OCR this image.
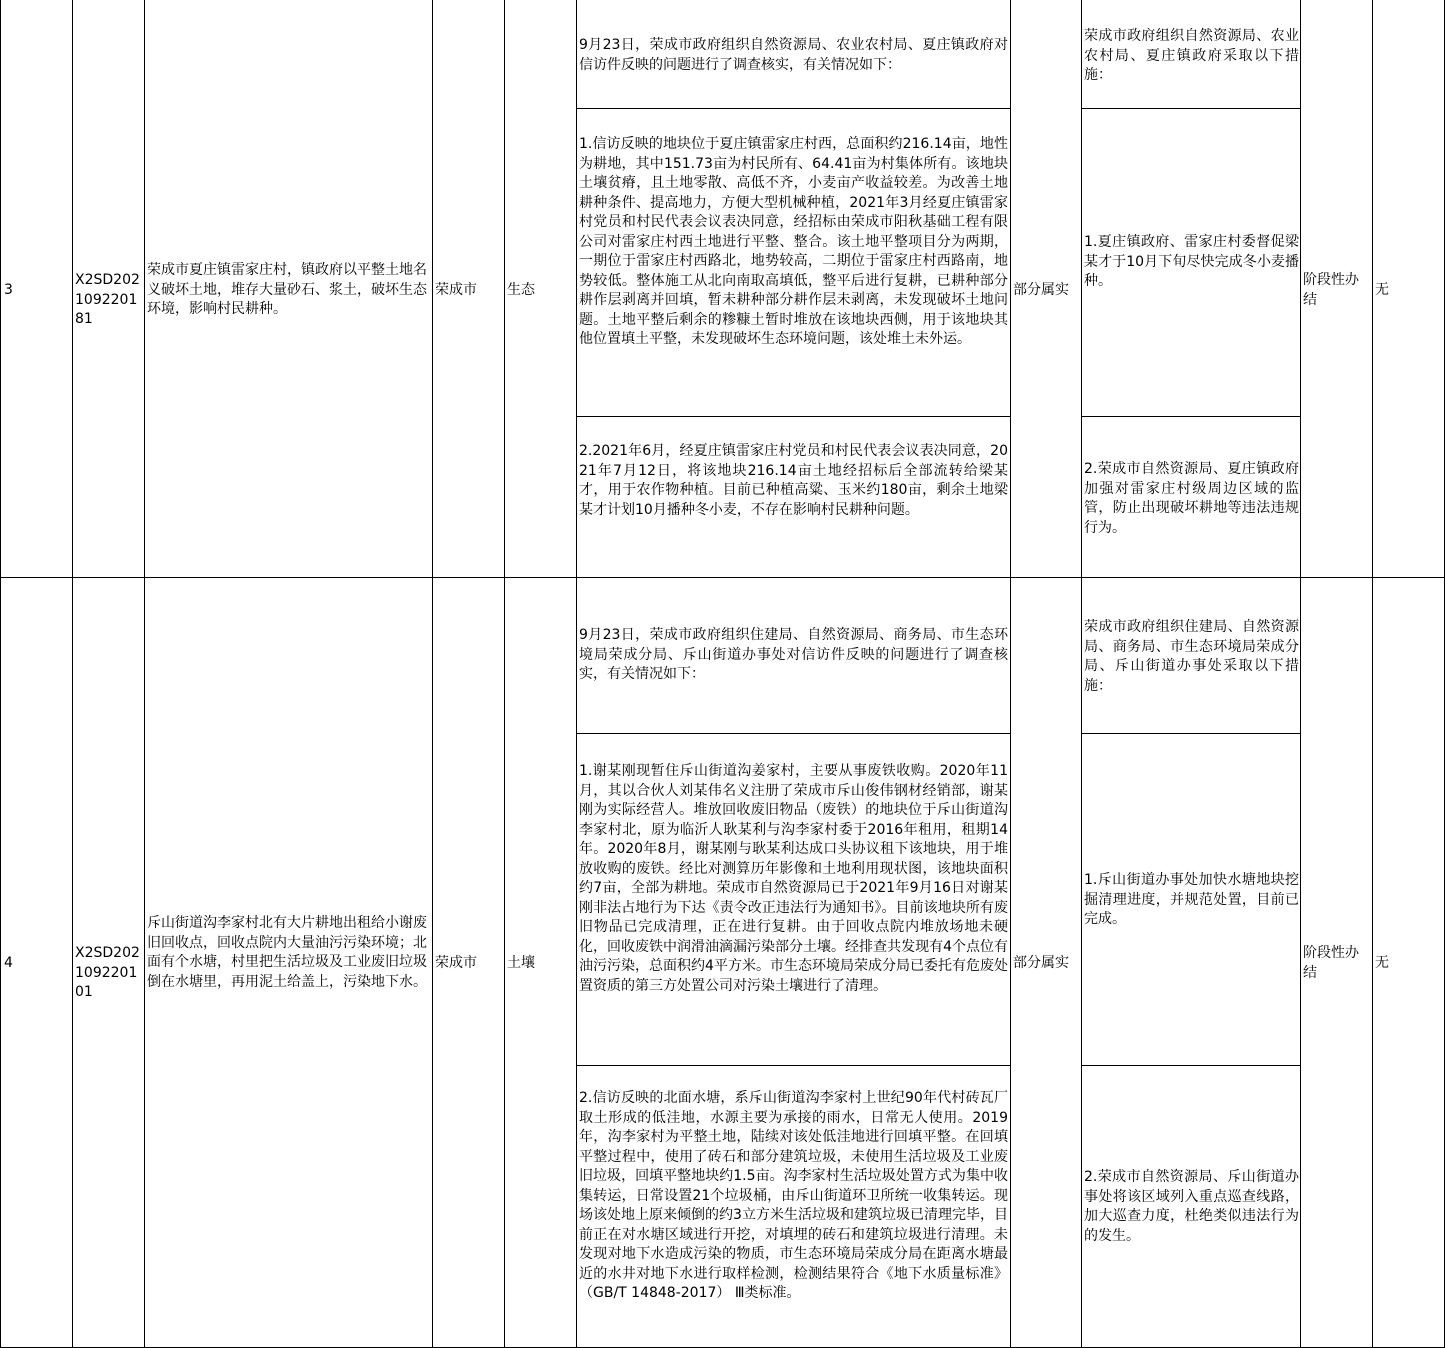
3
X2SD202109220181
荣成市夏庄镇雷家庄村，镇政府以平整土地名义破坏土地，堆存大量砂石、浆土，破坏生态环境，影响村民耕种。
荣成市	生态
9月23日，荣成市政府组织自然资源局、农业农村局、夏庄镇政府对信访件反映的问题进行了调查核实，有关情况如下：
1.信访反映的地块位于夏庄镇雷家庄村西，总面积约216.14亩，地性为耕地，其中151.73亩为村民所有、64.41亩为村集体所有。该地块土壤贫瘠，且土地零散、高低不齐，小麦亩产收益较差。为改善土地耕种条件、提高地力，方便大型机械种植，2021年3月经夏庄镇雷家村党员和村民代表会议表决同意，经招标由荣成市阳秋基础工程有限公司对雷家庄村西土地进行平整、整合。该土地平整项目分为两期，一期位于雷家庄村西路北，地势较高，二期位于雷家庄村西路南，地势较低。整体施工从北向南取高填低，整平后进行复耕，已耕种部分耕作层剥离并回填，暂未耕种部分耕作层未剥离，未发现破坏土地问题。土地平整后剩余的糁糠土暂时堆放在该地块西侧，用于该地块其他位置填土平整，未发现破坏生态环境问题，该处堆土未外运。
2.2021年6月，经夏庄镇雷家庄村党员和村民代表会议表决同意，2021年7月12日，将该地块216.14亩土地经招标后全部流转给梁某才，用于农作物种植。目前已种植高粱、玉米约180亩，剩余土地梁某才计划10月播种冬小麦，不存在影响村民耕种问题。
部分属实
荣成市政府组织自然资源局、农业农村局、夏庄镇政府采取以下措施：
1.夏庄镇政府、雷家庄村委督促梁某才于10月下旬尽快完成冬小麦播种。
2.荣成市自然资源局、夏庄镇政府加强对雷家庄村级周边区域的监管，防止出现破坏耕地等违法违规行为。
阶段性办结
无
4
X2SD202109220101
斥山街道沟李家村北有大片耕地出租给小谢废旧回收点，回收点院内大量油污污染环境；北面有个水塘，村里把生活垃圾及工业废旧垃圾倒在水塘里，再用泥土给盖上，污染地下水。
荣成市	土壤
9月23日，荣成市政府组织住建局、自然资源局、商务局、市生态环境局荣成分局、斥山街道办事处对信访件反映的问题进行了调查核实，有关情况如下：
1.谢某刚现暂住斥山街道沟姜家村，主要从事废铁收购。2020年11月，其以合伙人刘某伟名义注册了荣成市斥山俊伟钢材经销部，谢某刚为实际经营人。堆放回收废旧物品（废铁）的地块位于斥山街道沟李家村北，原为临沂人耿某利与沟李家村委于2016年租用，租期14年。2020年8月，谢某刚与耿某利达成口头协议租下该地块，用于堆放收购的废铁。经比对测算历年影像和土地利用现状图，该地块面积约7亩，全部为耕地。荣成市自然资源局已于2021年9月16日对谢某刚非法占地行为下达《责令改正违法行为通知书》。目前该地块所有废旧物品已完成清理，正在进行复耕。由于回收点院内堆放场地未硬化，回收废铁中润滑油滴漏污染部分土壤。经排查共发现有4个点位有油污污染，总面积约4平方米。市生态环境局荣成分局已委托有危废处置资质的第三方处置公司对污染土壤进行了清理。
2.信访反映的北面水塘，系斥山街道沟李家村上世纪90年代村砖瓦厂取土形成的低洼地，水源主要为承接的雨水，日常无人使用。2019年，沟李家村为平整土地，陆续对该处低洼地进行回填平整。在回填平整过程中，使用了砖石和部分建筑垃圾，未使用生活垃圾及工业废旧垃圾，回填平整地块约1.5亩。沟李家村生活垃圾处置方式为集中收集转运，日常设置21个垃圾桶，由斥山街道环卫所统一收集转运。现场该处地上原来倾倒的约3立方米生活垃圾和建筑垃圾已清理完毕，目前正在对水塘区域进行开挖，对填埋的砖石和建筑垃圾进行清理。未发现对地下水造成污染的物质，市生态环境局荣成分局在距离水塘最近的水井对地下水进行取样检测，检测结果符合《地下水质量标准》（GB/T 14848-2017） Ⅲ类标准。
部分属实
荣成市政府组织住建局、自然资源局、商务局、市生态环境局荣成分局、斥山街道办事处采取以下措施：
1.斥山街道办事处加快水塘地块挖掘清理进度，并规范处置，目前已完成。
2.荣成市自然资源局、斥山街道办事处将该区域列入重点巡查线路，加大巡查力度，杜绝类似违法行为的发生。
阶段性办结
无
